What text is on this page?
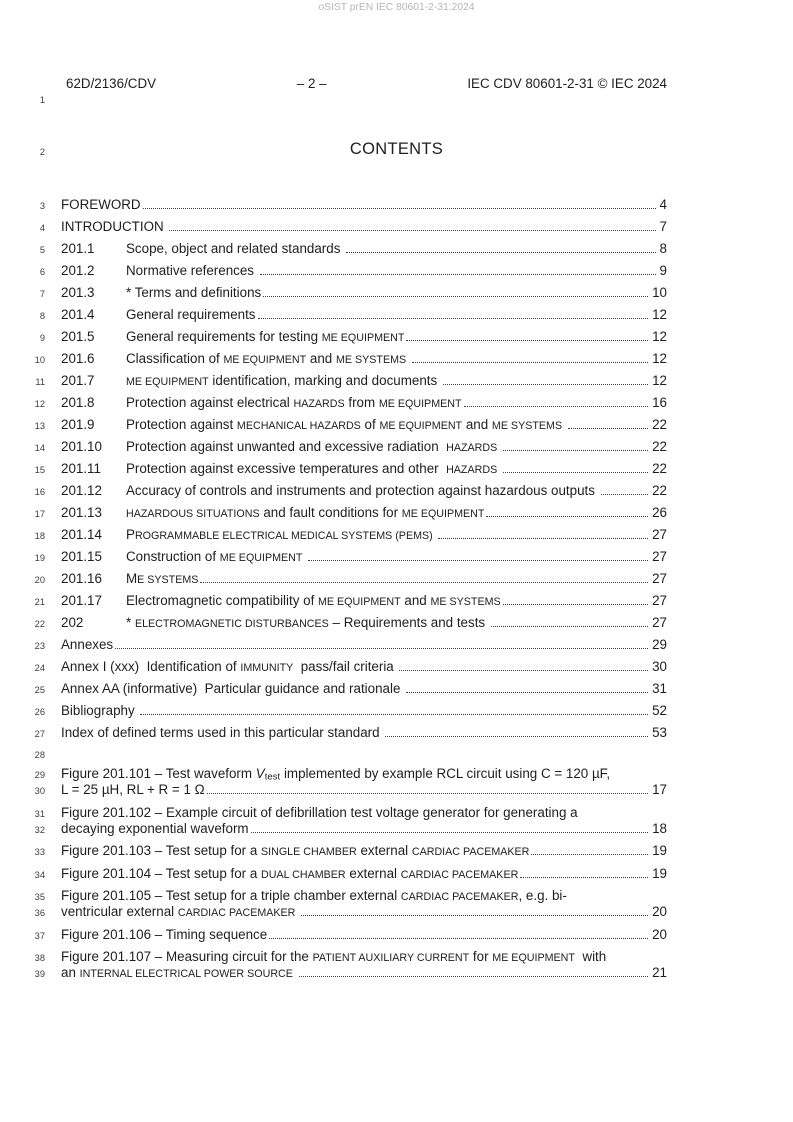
oSIST prEN IEC 80601-2-31:2024
62D/2136/CDV	– 2 –	IEC CDV 80601-2-31 © IEC 2024
1
CONTENTS
2
3 FOREWORD	4
4 INTRODUCTION	7
5 201.1	Scope, object and related standards	8
6 201.2	Normative references	9
7 201.3	* Terms and definitions	10
8 201.4	General requirements	12
9 201.5	General requirements for testing ME EQUIPMENT	12
10 201.6	Classification of ME EQUIPMENT and ME SYSTEMS	12
11 201.7	ME EQUIPMENT identification, marking and documents	12
12 201.8	Protection against electrical HAZARDS from ME EQUIPMENT	16
13 201.9	Protection against MECHANICAL HAZARDS of ME EQUIPMENT and ME SYSTEMS	22
14 201.10	Protection against unwanted and excessive radiation  HAZARDS	22
15 201.11	Protection against excessive temperatures and other  HAZARDS	22
16 201.12	Accuracy of controls and instruments and protection against hazardous outputs	22
17 201.13	HAZARDOUS SITUATIONS and fault conditions for ME EQUIPMENT	26
18 201.14	PROGRAMMABLE ELECTRICAL MEDICAL SYSTEMS (PEMS)	27
19 201.15	Construction of ME EQUIPMENT	27
20 201.16	ME SYSTEMS	27
21 201.17	Electromagnetic compatibility of ME EQUIPMENT and ME SYSTEMS	27
22 202	* ELECTROMAGNETIC DISTURBANCES – Requirements and tests	27
23 Annexes	29
24 Annex I (xxx)  Identification of IMMUNITY  pass/fail criteria	30
25 Annex AA (informative)  Particular guidance and rationale	31
26 Bibliography	52
27 Index of defined terms used in this particular standard	53
28
29 Figure 201.101 – Test waveform Vtest implemented by example RCL circuit using C = 120 µF,
30 L = 25 µH, RL + R = 1 Ω	17
31 Figure 201.102 – Example circuit of defibrillation test voltage generator for generating a
32 decaying exponential waveform	18
33 Figure 201.103 – Test setup for a SINGLE CHAMBER external CARDIAC PACEMAKER	19
34 Figure 201.104 – Test setup for a DUAL CHAMBER external CARDIAC PACEMAKER	19
35 Figure 201.105 – Test setup for a triple chamber external CARDIAC PACEMAKER, e.g. bi-
36 ventricular external CARDIAC PACEMAKER	20
37 Figure 201.106 – Timing sequence	20
38 Figure 201.107 – Measuring circuit for the PATIENT AUXILIARY CURRENT for ME EQUIPMENT  with
39 an INTERNAL ELECTRICAL POWER SOURCE	21
